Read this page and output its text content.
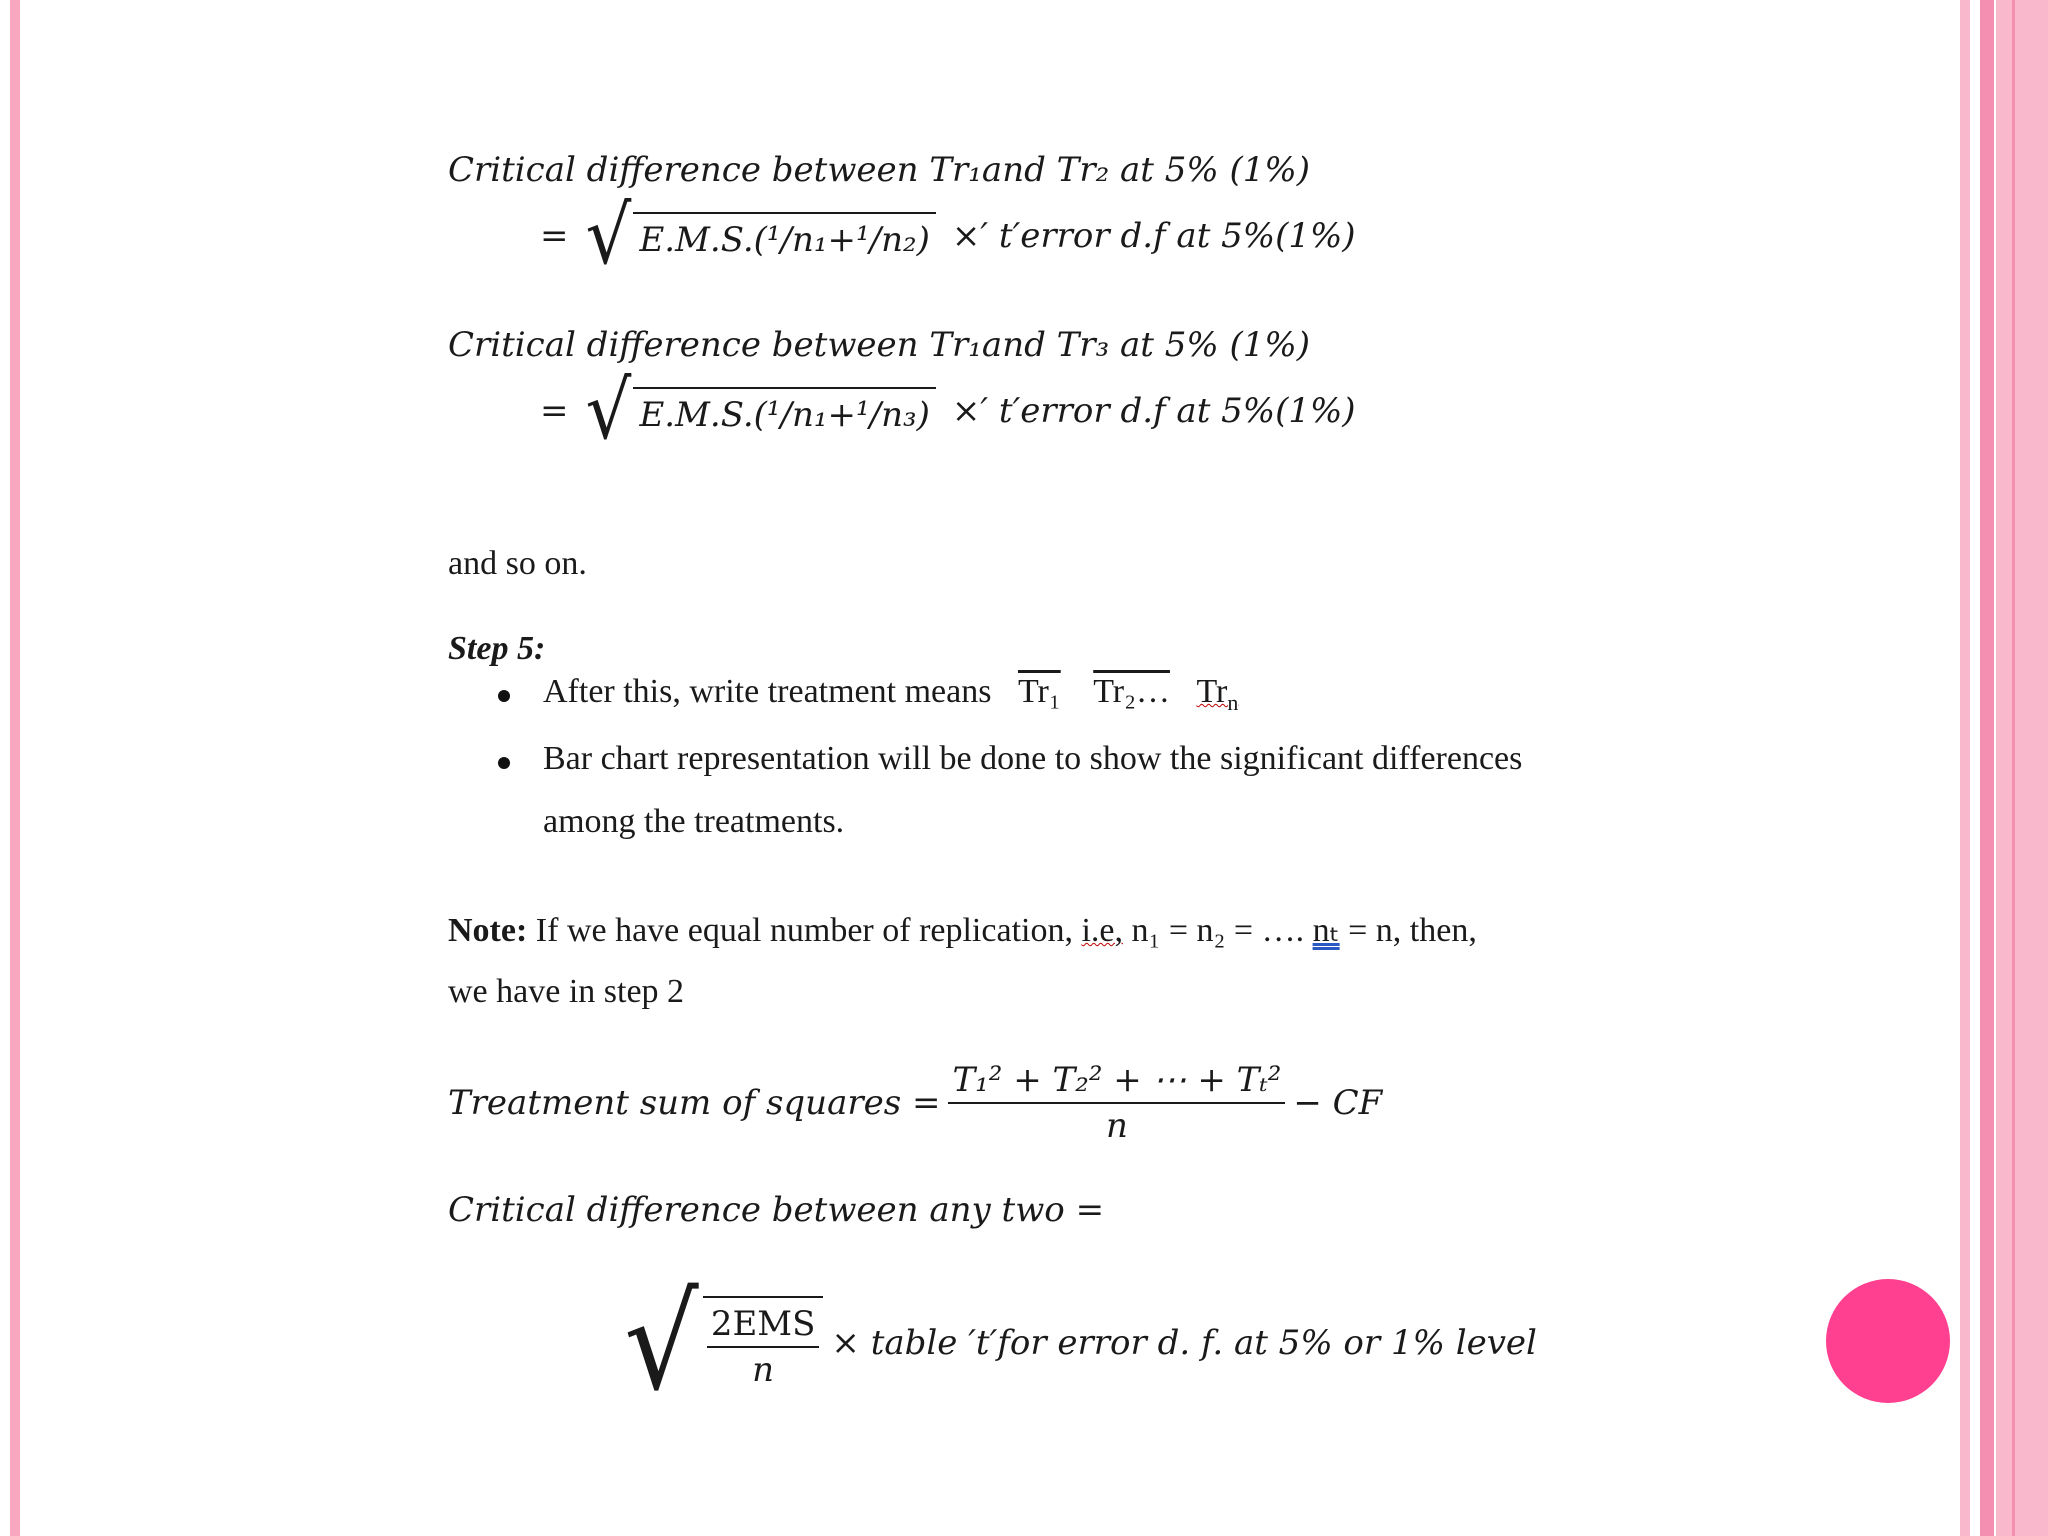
Critical difference between Tr₁and Tr₂ at 5% (1%)
= √ E.M.S.( ¹/n₁ + ¹/n₂ ) ×′ t′error d.f at 5%(1%)
Critical difference between Tr₁and Tr₃ at 5% (1%)
= √ E.M.S.( ¹/n₁ + ¹/n₃ ) ×′ t′error d.f at 5%(1%)
and so on.
Step 5:
After this, write treatment means Tr₁ Tr₂… $Tr_n$
Bar chart representation will be done to show the significant differences
among the treatments.
Note: If we have equal number of replication, i.e, n₁ = n₂ = …. nₜ = n, then,
we have in step 2
Treatment sum of squares = $\frac{\text{T₁² + T₂² + ⋯ + Tₜ²}}{n}$ − CF
Critical difference between any two =
√ $\frac{\text{2EMS}}{n}$ × table ′t′for error d. f. at 5% or 1% level
